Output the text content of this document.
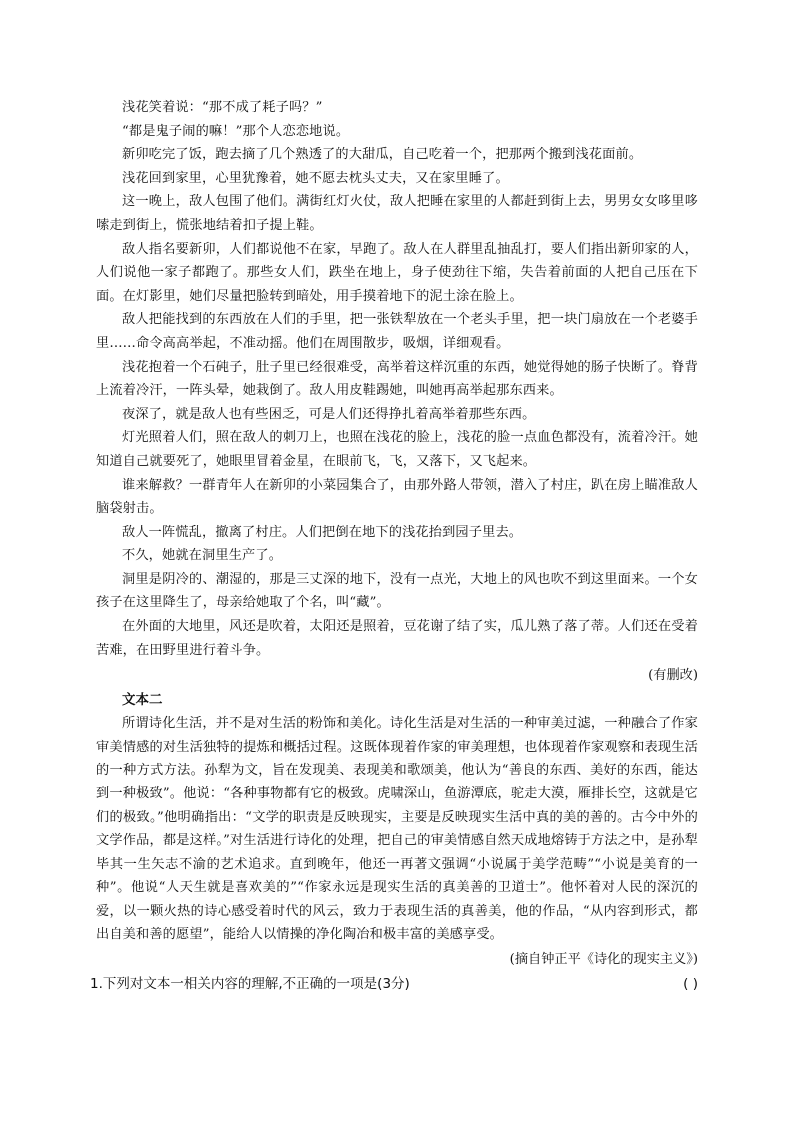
浅花笑着说：“那不成了耗子吗？”

“都是鬼子闹的嘛！”那个人恋恋地说。

新卯吃完了饭，跑去摘了几个熟透了的大甜瓜，自己吃着一个，把那两个搬到浅花面前。

浅花回到家里，心里犹豫着，她不愿去枕头丈夫，又在家里睡了。

这一晚上，敌人包围了他们。满街红灯火仗，敌人把睡在家里的人都赶到街上去，男男女女哆里哆嗦走到街上，慌张地结着扣子提上鞋。

敌人指名要新卯，人们都说他不在家，早跑了。敌人在人群里乱抽乱打，要人们指出新卯家的人，人们说他一家子都跑了。那些女人们，跌坐在地上，身子使劲往下缩，失告着前面的人把自己压在下面。在灯影里，她们尽量把脸转到暗处，用手摸着地下的泥土涂在脸上。

敌人把能找到的东西放在人们的手里，把一张铁犁放在一个老头手里，把一块门扇放在一个老婆手里……命令高高举起，不准动摇。他们在周围散步，吸烟，详细观看。

浅花抱着一个石砘子，肚子里已经很难受，高举着这样沉重的东西，她觉得她的肠子快断了。脊背上流着冷汗，一阵头晕，她栽倒了。敌人用皮鞋踢她，叫她再高举起那东西来。

夜深了，就是敌人也有些困乏，可是人们还得挣扎着高举着那些东西。

灯光照着人们，照在敌人的刺刀上，也照在浅花的脸上，浅花的脸一点血色都没有，流着冷汗。她知道自己就要死了，她眼里冒着金星，在眼前飞，飞，又落下，又飞起来。

谁来解救？一群青年人在新卯的小菜园集合了，由那外路人带领，潜入了村庄，趴在房上瞄准敌人脑袋射击。

敌人一阵慌乱，撤离了村庄。人们把倒在地下的浅花抬到园子里去。

不久，她就在洞里生产了。

洞里是阴冷的、潮湿的，那是三丈深的地下，没有一点光，大地上的风也吹不到这里面来。一个女孩子在这里降生了，母亲给她取了个名，叫“藏”。

在外面的大地里，风还是吹着，太阳还是照着，豆花谢了结了实，瓜儿熟了落了蒂。人们还在受着苦难，在田野里进行着斗争。

(有删改)

文本二

所谓诗化生活，并不是对生活的粉饰和美化。诗化生活是对生活的一种审美过滤，一种融合了作家审美情感的对生活独特的提炼和概括过程。这既体现着作家的审美理想，也体现着作家观察和表现生活的一种方式方法。孙犁为文，旨在发现美、表现美和歌颂美，他认为“善良的东西、美好的东西，能达到一种极致”。他说：“各种事物都有它的极致。虎啸深山，鱼游潭底，驼走大漠，雁排长空，这就是它们的极致。”他明确指出：“文学的职责是反映现实，主要是反映现实生活中真的美的善的。古今中外的文学作品，都是这样。”对生活进行诗化的处理，把自己的审美情感自然天成地熔铸于方法之中，是孙犁毕其一生矢志不渝的艺术追求。直到晚年，他还一再著文强调“小说属于美学范畴”“小说是美育的一种”。他说“人天生就是喜欢美的”“作家永远是现实生活的真美善的卫道士”。他怀着对人民的深沉的爱，以一颗火热的诗心感受着时代的风云，致力于表现生活的真善美，他的作品，“从内容到形式，都出自美和善的愿望”，能给人以情操的净化陶冶和极丰富的美感享受。

(摘自钟正平《诗化的现实主义》)

1.下列对文本一相关内容的理解,不正确的一项是(3分)	( )
